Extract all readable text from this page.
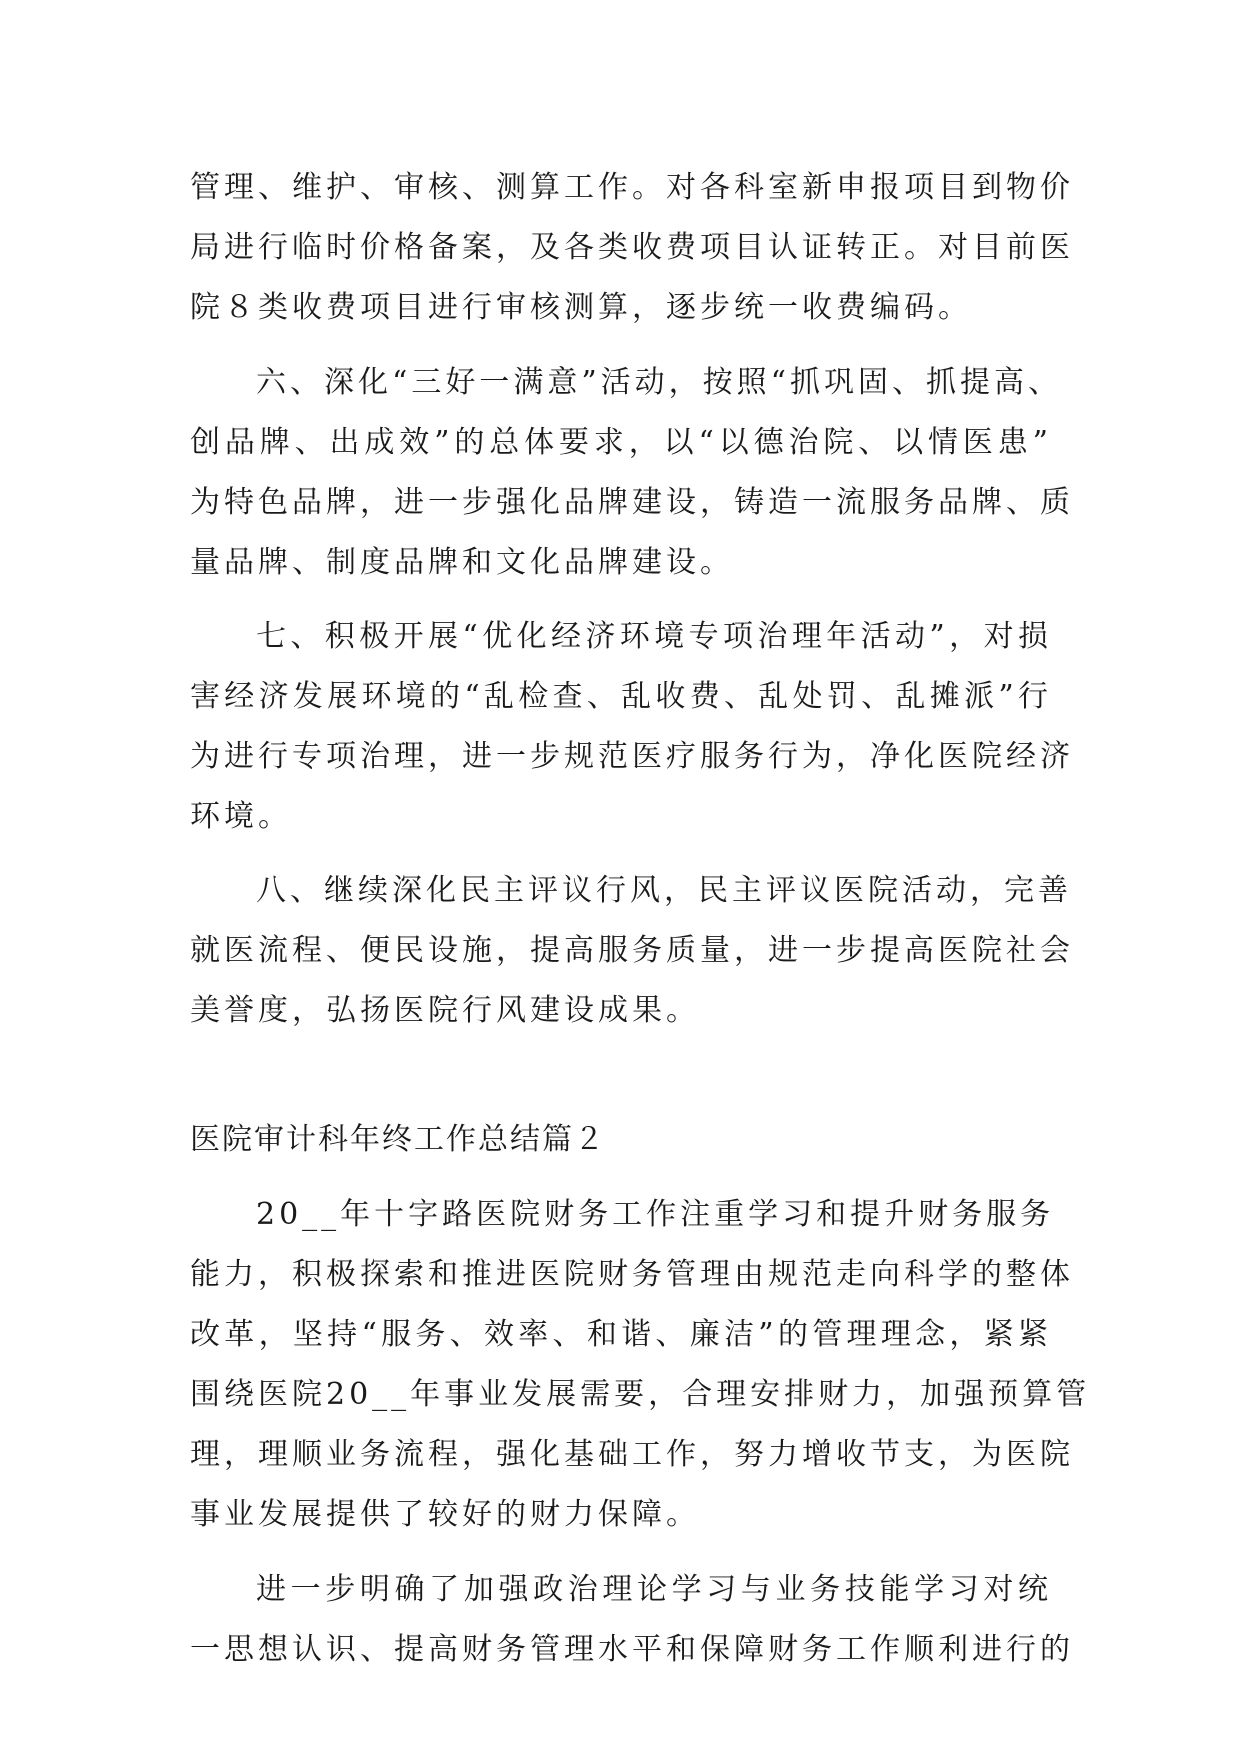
管理、维护、审核、测算工作。对各科室新申报项目到物价
局进行临时价格备案，及各类收费项目认证转正。对目前医
院８类收费项目进行审核测算，逐步统一收费编码。
六、深化“三好一满意”活动，按照“抓巩固、抓提高、
创品牌、出成效”的总体要求，以“以德治院、以情医患”
为特色品牌，进一步强化品牌建设，铸造一流服务品牌、质
量品牌、制度品牌和文化品牌建设。
七、积极开展“优化经济环境专项治理年活动”，对损
害经济发展环境的“乱检查、乱收费、乱处罚、乱摊派”行
为进行专项治理，进一步规范医疗服务行为，净化医院经济
环境。
八、继续深化民主评议行风，民主评议医院活动，完善
就医流程、便民设施，提高服务质量，进一步提高医院社会
美誉度，弘扬医院行风建设成果。
医院审计科年终工作总结篇２
20__年十字路医院财务工作注重学习和提升财务服务
能力，积极探索和推进医院财务管理由规范走向科学的整体
改革，坚持“服务、效率、和谐、廉洁”的管理理念，紧紧
围绕医院20__年事业发展需要，合理安排财力，加强预算管
理，理顺业务流程，强化基础工作，努力增收节支，为医院
事业发展提供了较好的财力保障。
进一步明确了加强政治理论学习与业务技能学习对统
一思想认识、提高财务管理水平和保障财务工作顺利进行的
